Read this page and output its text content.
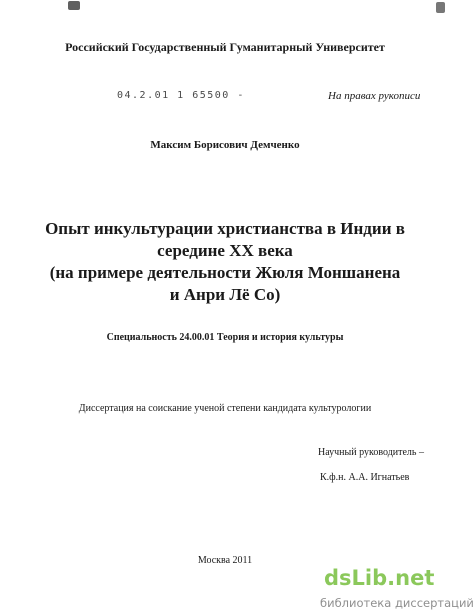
Российский Государственный Гуманитарный Университет
04.2.01 1 65500 -	На правах рукописи
Максим Борисович Демченко
Опыт инкультурации христианства в Индии в
середине XX века
(на примере деятельности Жюля Моншанена
и Анри Лё Со)
Специальность 24.00.01 Теория и история культуры
Диссертация на соискание ученой степени кандидата культурологии
Научный руководитель –
К.ф.н. А.А. Игнатьев
Москва 2011
dsLib.net
библиотека диссертаций
